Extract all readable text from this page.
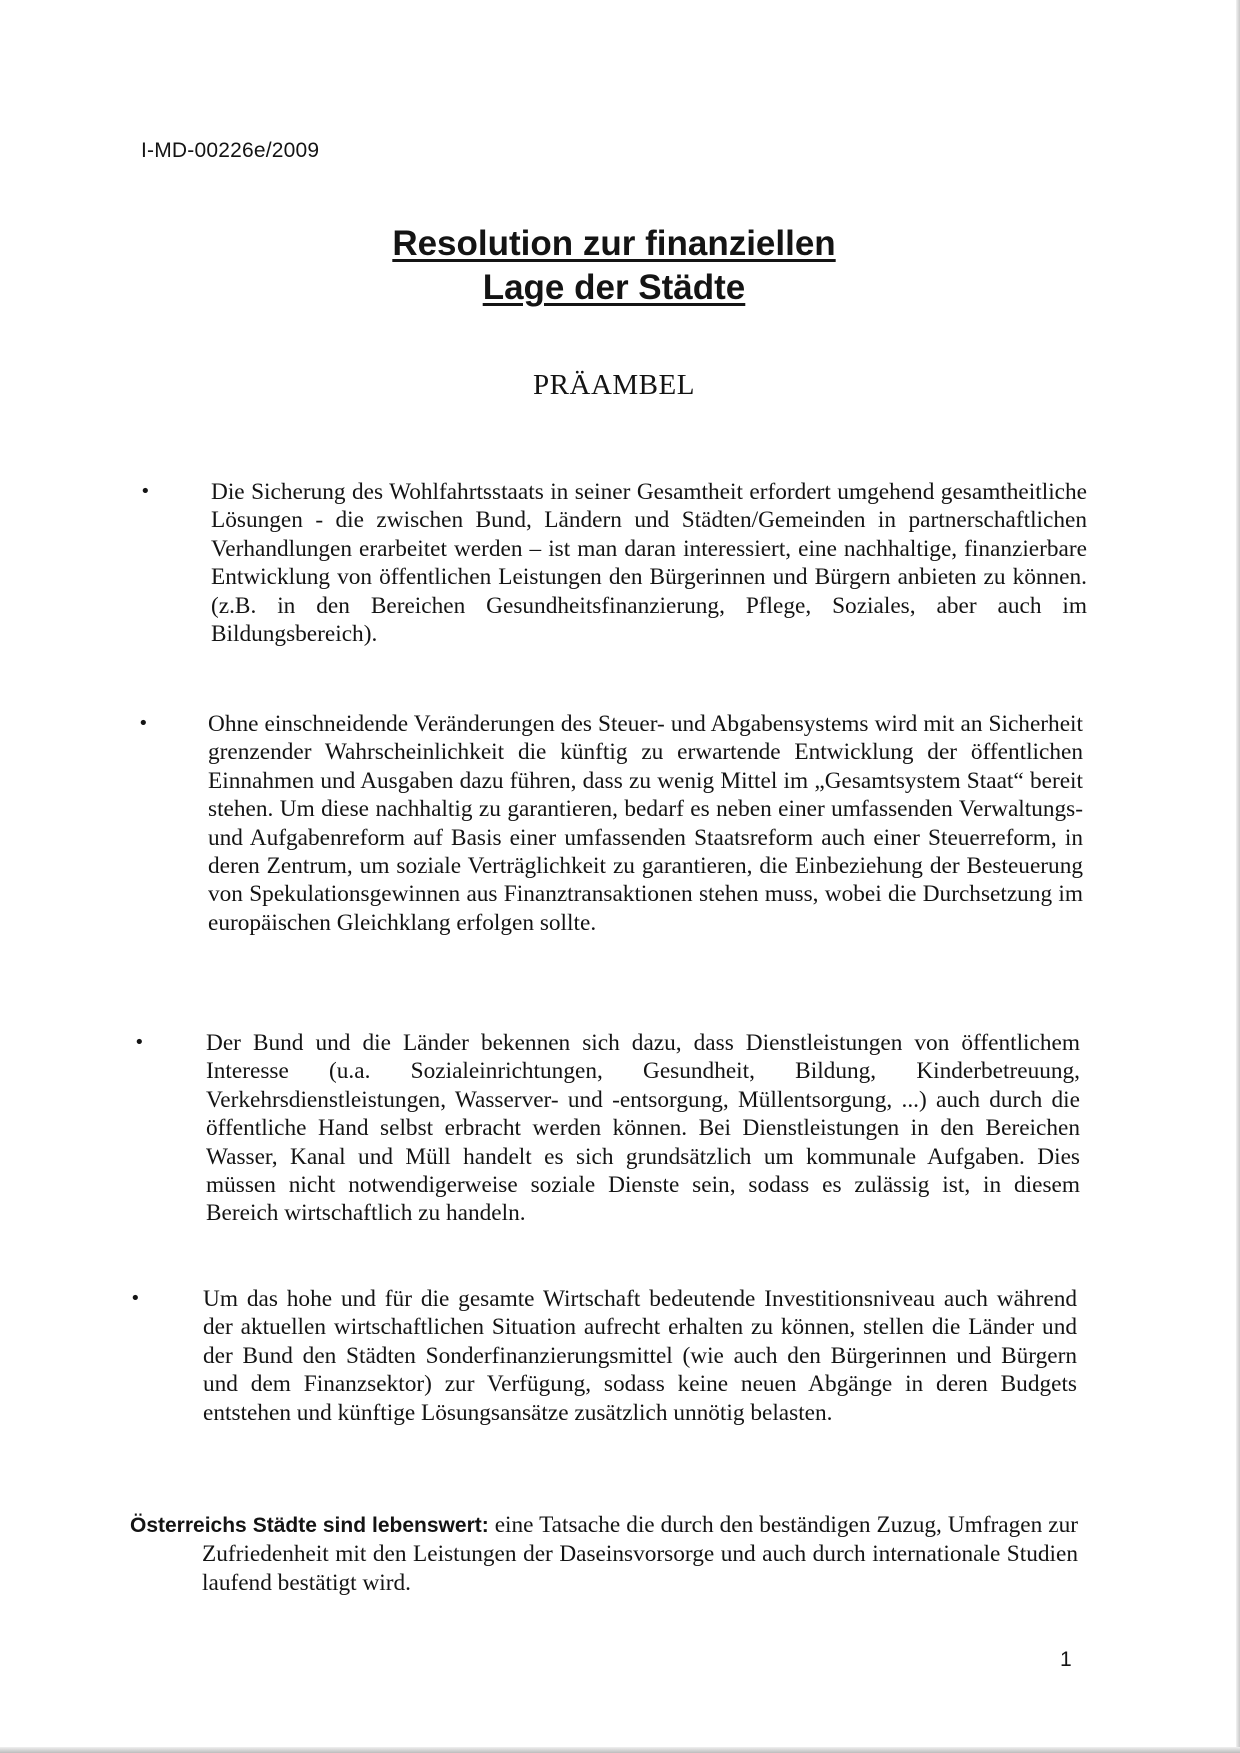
I-MD-00226e/2009
Resolution zur finanziellen
Lage der Städte
PRÄAMBEL
•	Die Sicherung des Wohlfahrtsstaats in seiner Gesamtheit erfordert umgehend gesamtheitliche Lösungen - die zwischen Bund, Ländern und Städten/Gemeinden in partnerschaftlichen Verhandlungen erarbeitet werden – ist man daran interessiert, eine nachhaltige, finanzierbare Entwicklung von öffentlichen Leistungen den Bürgerinnen und Bürgern anbieten zu können. (z.B. in den Bereichen Gesundheitsfinanzierung, Pflege, Soziales, aber auch im Bildungsbereich).
•	Ohne einschneidende Veränderungen des Steuer- und Abgabensystems wird mit an Sicherheit grenzender Wahrscheinlichkeit die künftig zu erwartende Entwicklung der öffentlichen Einnahmen und Ausgaben dazu führen, dass zu wenig Mittel im „Gesamtsystem Staat“ bereit stehen. Um diese nachhaltig zu garantieren, bedarf es neben einer umfassenden Verwaltungs- und Aufgabenreform auf Basis einer umfassenden Staatsreform auch einer Steuerreform, in deren Zentrum, um soziale Verträglichkeit zu garantieren, die Einbeziehung der Besteuerung von Spekulationsgewinnen aus Finanztransaktionen stehen muss, wobei die Durchsetzung im europäischen Gleichklang erfolgen sollte.
•	Der Bund und die Länder bekennen sich dazu, dass Dienstleistungen von öffentlichem Interesse (u.a. Sozialeinrichtungen, Gesundheit, Bildung, Kinderbetreuung, Verkehrsdienstleistungen, Wasserver- und -entsorgung, Müllentsorgung, ...) auch durch die öffentliche Hand selbst erbracht werden können. Bei Dienstleistungen in den Bereichen Wasser, Kanal und Müll handelt es sich grundsätzlich um kommunale Aufgaben. Dies müssen nicht notwendigerweise soziale Dienste sein, sodass es zulässig ist, in diesem Bereich wirtschaftlich zu handeln.
•	Um das hohe und für die gesamte Wirtschaft bedeutende Investitionsniveau auch während der aktuellen wirtschaftlichen Situation aufrecht erhalten zu können, stellen die Länder und der Bund den Städten Sonderfinanzierungsmittel (wie auch den Bürgerinnen und Bürgern und dem Finanzsektor) zur Verfügung, sodass keine neuen Abgänge in deren Budgets entstehen und künftige Lösungsansätze zusätzlich unnötig belasten.

Österreichs Städte sind lebenswert: eine Tatsache die durch den beständigen Zuzug, Umfragen zur Zufriedenheit mit den Leistungen der Daseinsvorsorge und auch durch internationale Studien laufend bestätigt wird.

1
